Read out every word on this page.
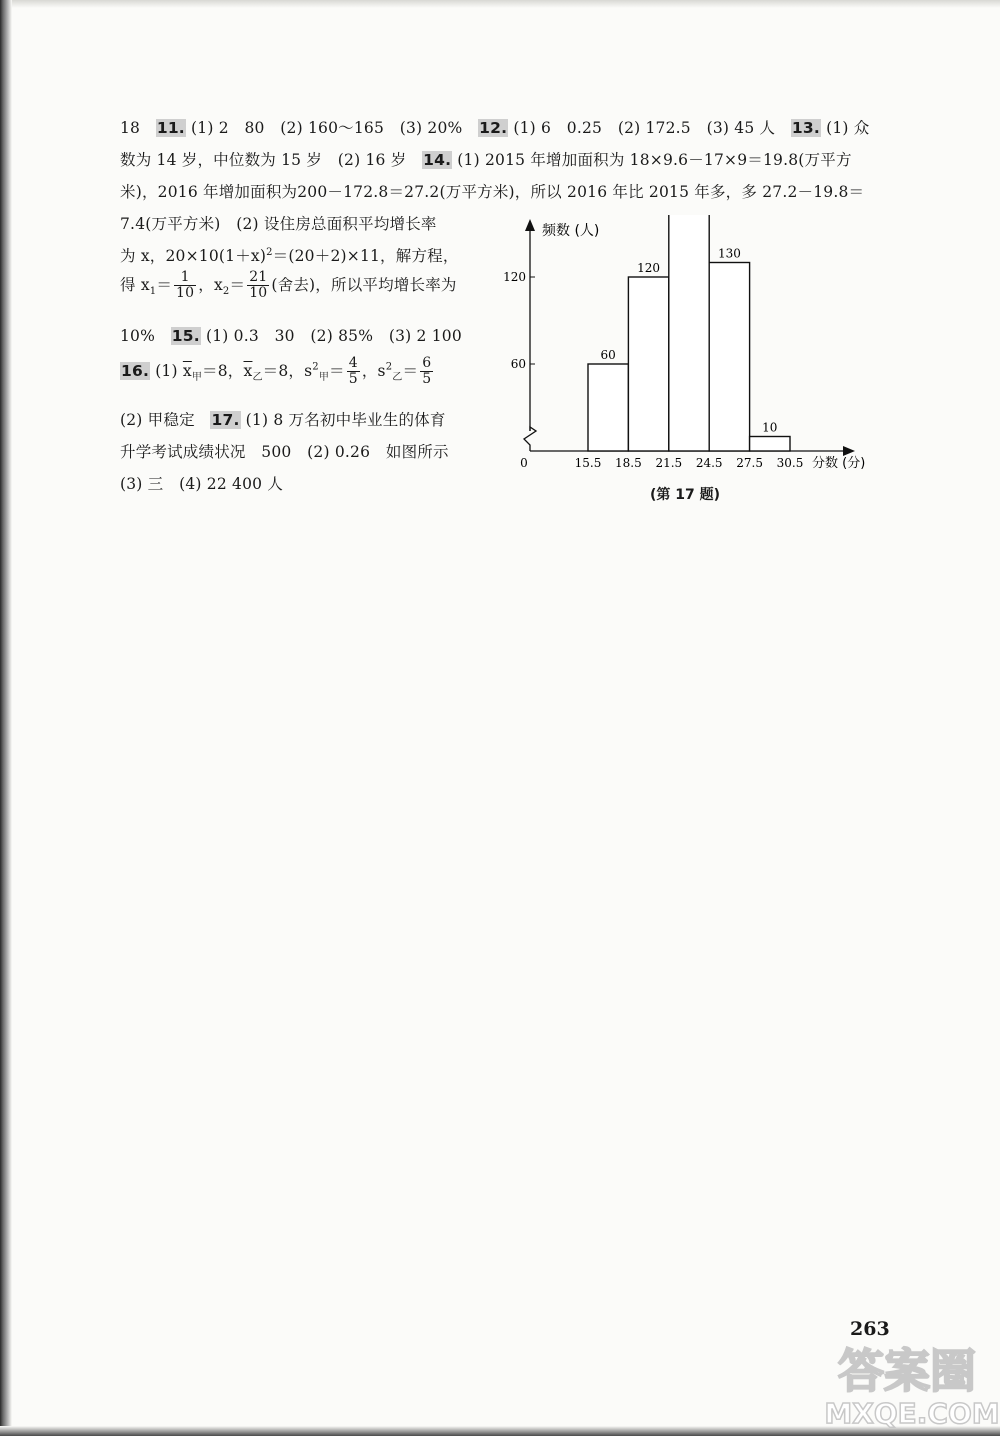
18　11. (1) 2　80　(2) 160～165　(3) 20%　12. (1) 6　0.25　(2) 172.5　(3) 45 人　13. (1) 众
数为 14 岁，中位数为 15 岁　(2) 16 岁　14. (1) 2015 年增加面积为 18×9.6－17×9＝19.8(万平方
米)，2016 年增加面积为200－172.8＝27.2(万平方米)，所以 2016 年比 2015 年多，多 27.2－19.8＝
7.4(万平方米)　(2) 设住房总面积平均增长率
为 x，$20\times 10(1+x)^2=(20+2)\times 11$，解方程，
得 $x_1= \frac{1}{10}$ ，$x_2= \frac{21}{10}$ (舍去)，所以平均增长率为
10%　15. (1) 0.3　30　(2) 85%　(3) 2 100
16. (1) $\overline{x}_甲=8$，$\overline{x}_乙=8$，$s^2_甲= \frac{4}{5}$ ，$s^2_乙= \frac{6}{5}$
(2) 甲稳定　17. (1) 8 万名初中毕业生的体育
升学考试成绩状况　500　(2) 0.26　如图所示
(3) 三　(4) 22 400 人
频数 (人)
分数 (分)
0
60
120
15.5 18.5 21.5 24.5 27.5 30.5
60
120
130
10
(第 17 题)
263
答案圈
MXQE.COM
